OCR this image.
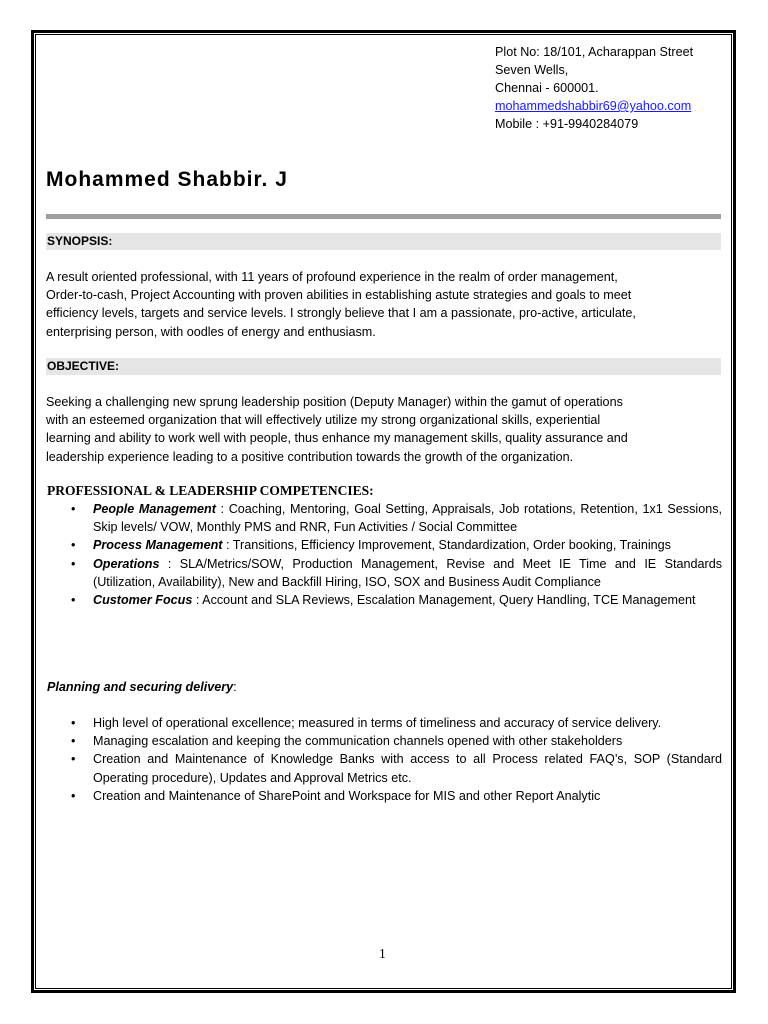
Plot No: 18/101, Acharappan Street
Seven Wells,
Chennai - 600001.
mohammedshabbir69@yahoo.com
Mobile : +91-9940284079
Mohammed Shabbir. J
SYNOPSIS:
A result oriented professional, with 11 years of profound experience in the realm of order management,
Order-to-cash, Project Accounting with proven abilities in establishing astute strategies and goals to meet
efficiency levels, targets and service levels. I strongly believe that I am a passionate, pro-active, articulate,
enterprising person, with oodles of energy and enthusiasm.
OBJECTIVE:
Seeking a challenging new sprung leadership position (Deputy Manager) within the gamut of operations
with an esteemed organization that will effectively utilize my strong organizational skills, experiential
learning and ability to work well with people, thus enhance my management skills, quality assurance and
leadership experience leading to a positive contribution towards the growth of the organization.
PROFESSIONAL & LEADERSHIP COMPETENCIES:
• People Management : Coaching, Mentoring, Goal Setting, Appraisals, Job rotations, Retention, 1x1 Sessions, Skip levels/ VOW, Monthly PMS and RNR, Fun Activities / Social Committee
• Process Management : Transitions, Efficiency Improvement, Standardization, Order booking, Trainings
• Operations : SLA/Metrics/SOW, Production Management, Revise and Meet IE Time and IE Standards (Utilization, Availability), New and Backfill Hiring, ISO, SOX and Business Audit Compliance
• Customer Focus : Account and SLA Reviews, Escalation Management, Query Handling, TCE Management
Planning and securing delivery:
• High level of operational excellence; measured in terms of timeliness and accuracy of service delivery.
• Managing escalation and keeping the communication channels opened with other stakeholders
• Creation and Maintenance of Knowledge Banks with access to all Process related FAQ’s, SOP (Standard Operating procedure), Updates and Approval Metrics etc.
• Creation and Maintenance of SharePoint and Workspace for MIS and other Report Analytic
1
